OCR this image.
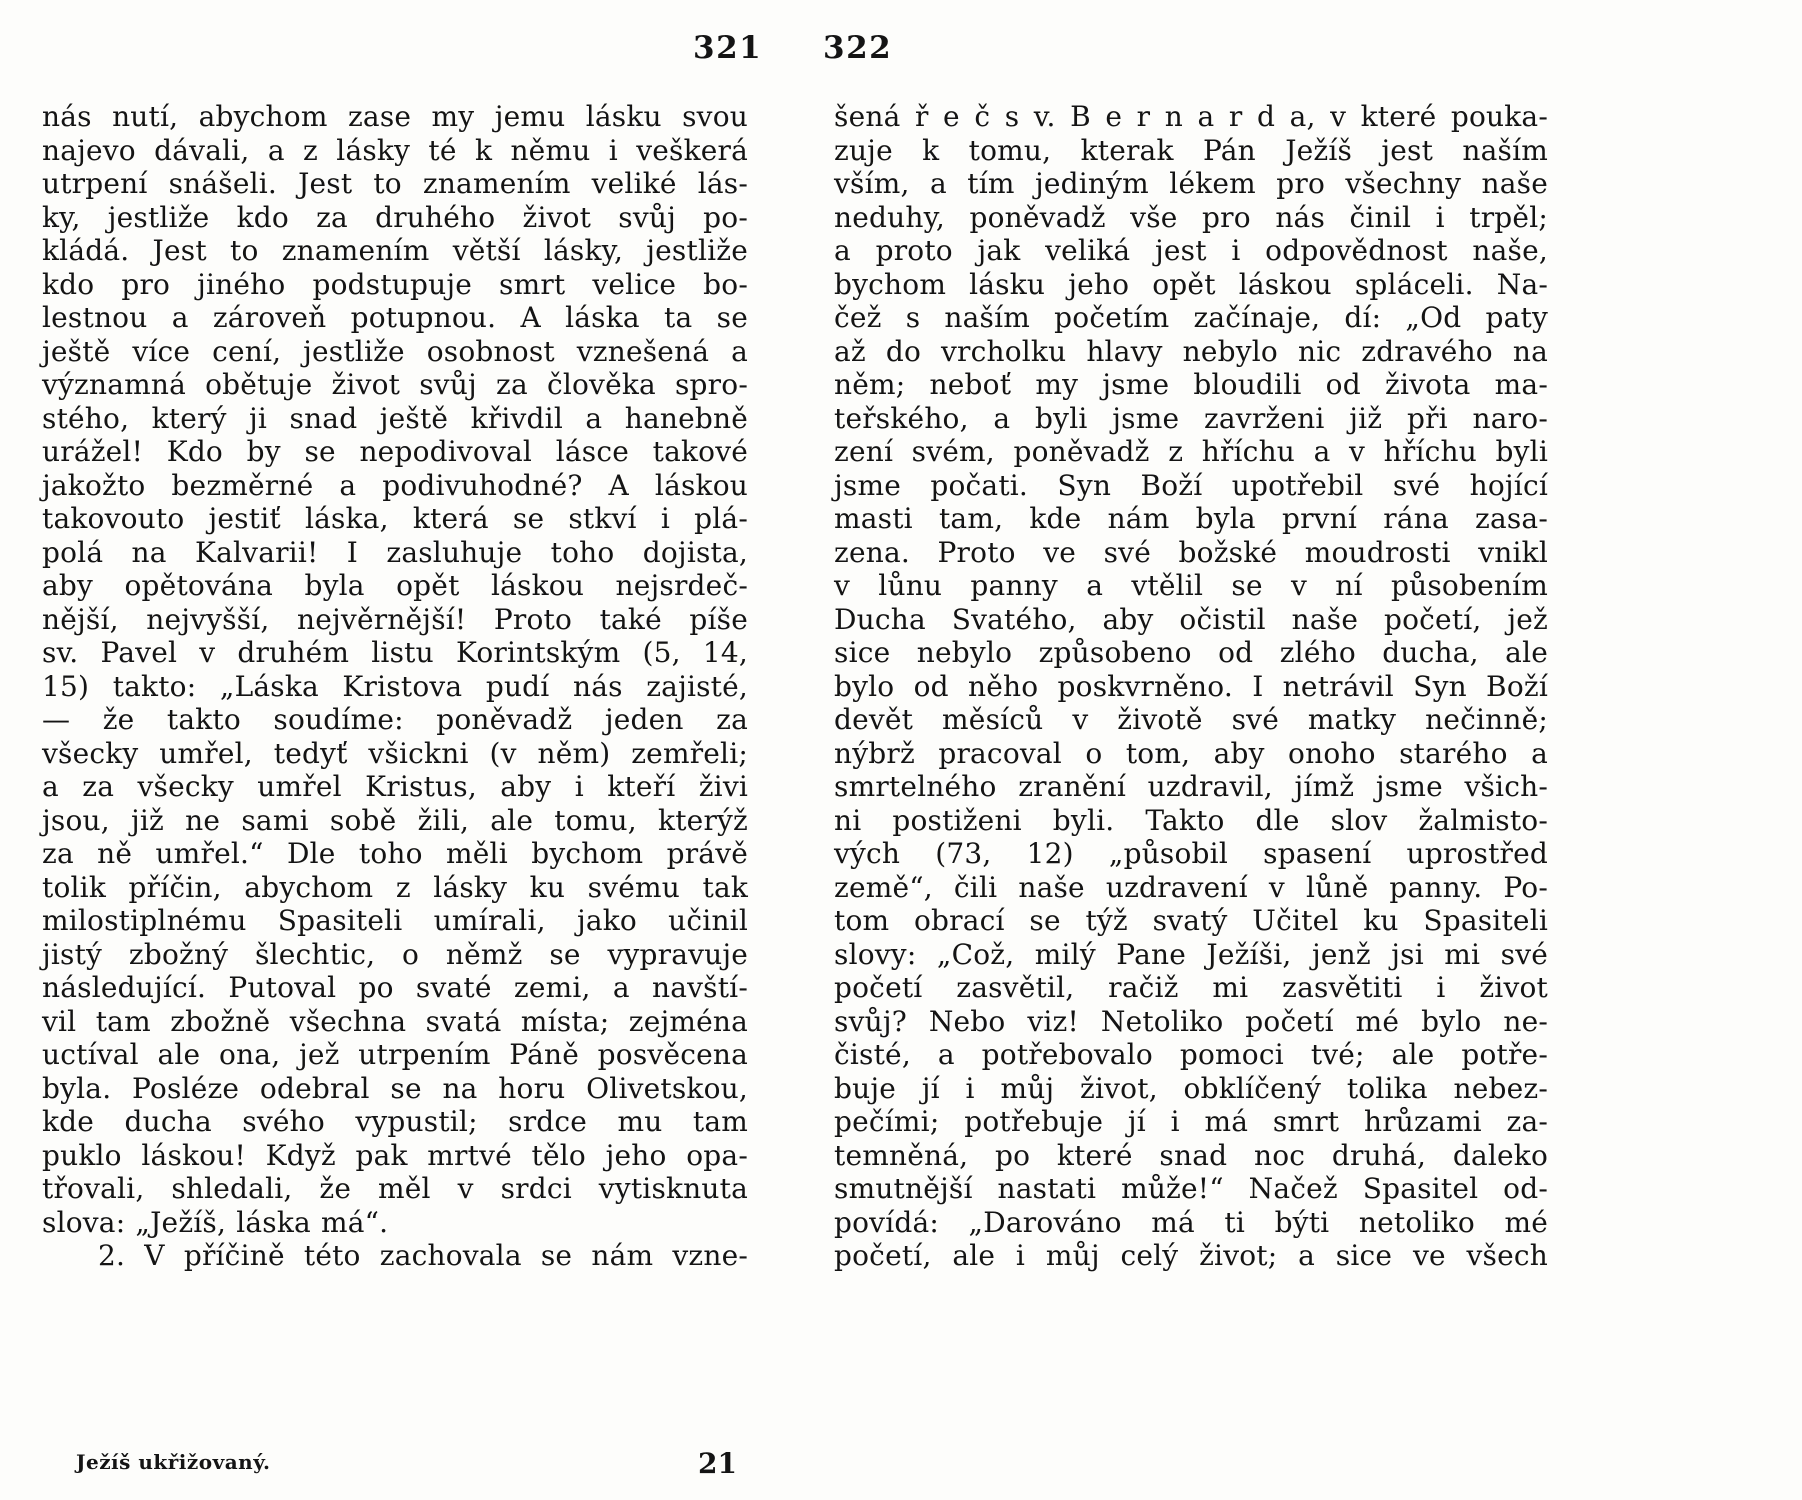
321 322
nás nutí, abychom zase my jemu lásku svou
najevo dávali, a z lásky té k němu i veškerá
utrpení snášeli. Jest to znamením veliké lás-
ky, jestliže kdo za druhého život svůj po-
kládá. Jest to znamením větší lásky, jestliže
kdo pro jiného podstupuje smrt velice bo-
lestnou a zároveň potupnou. A láska ta se
ještě více cení, jestliže osobnost vznešená a
významná obětuje život svůj za člověka spro-
stého, který ji snad ještě křivdil a hanebně
urážel! Kdo by se nepodivoval lásce takové
jakožto bezměrné a podivuhodné? A láskou
takovouto jestiť láska, která se stkví i plá-
polá na Kalvarii! I zasluhuje toho dojista,
aby opětována byla opět láskou nejsrdeč-
nější, nejvyšší, nejvěrnější! Proto také píše
sv. Pavel v druhém listu Korintským (5, 14,
15) takto: „Láska Kristova pudí nás zajisté,
— že takto soudíme: poněvadž jeden za
všecky umřel, tedyť všickni (v něm) zemřeli;
a za všecky umřel Kristus, aby i kteří živi
jsou, již ne sami sobě žili, ale tomu, kterýž
za ně umřel.“ Dle toho měli bychom právě
tolik příčin, abychom z lásky ku svému tak
milostiplnému Spasiteli umírali, jako učinil
jistý zbožný šlechtic, o němž se vypravuje
následující. Putoval po svaté zemi, a navští-
vil tam zbožně všechna svatá místa; zejména
uctíval ale ona, jež utrpením Páně posvěcena
byla. Posléze odebral se na horu Olivetskou,
kde ducha svého vypustil; srdce mu tam
puklo láskou! Když pak mrtvé tělo jeho opa-
třovali, shledali, že měl v srdci vytisknuta
slova: „Ježíš, láska má“.
2. V příčině této zachovala se nám vzne-
šená ř e č s v. B e r n a r d a, v které pouka-
zuje k tomu, kterak Pán Ježíš jest naším
vším, a tím jediným lékem pro všechny naše
neduhy, poněvadž vše pro nás činil i trpěl;
a proto jak veliká jest i odpovědnost naše,
bychom lásku jeho opět láskou spláceli. Na-
čež s naším početím začínaje, dí: „Od paty
až do vrcholku hlavy nebylo nic zdravého na
něm; neboť my jsme bloudili od života ma-
teřského, a byli jsme zavrženi již při naro-
zení svém, poněvadž z hříchu a v hříchu byli
jsme počati. Syn Boží upotřebil své hojící
masti tam, kde nám byla první rána zasa-
zena. Proto ve své božské moudrosti vnikl
v lůnu panny a vtělil se v ní působením
Ducha Svatého, aby očistil naše početí, jež
sice nebylo způsobeno od zlého ducha, ale
bylo od něho poskvrněno. I netrávil Syn Boží
devět měsíců v životě své matky nečinně;
nýbrž pracoval o tom, aby onoho starého a
smrtelného zranění uzdravil, jímž jsme všich-
ni postiženi byli. Takto dle slov žalmisto-
vých (73, 12) „působil spasení uprostřed
země“, čili naše uzdravení v lůně panny. Po-
tom obrací se týž svatý Učitel ku Spasiteli
slovy: „Což, milý Pane Ježíši, jenž jsi mi své
početí zasvětil, račiž mi zasvětiti i život
svůj? Nebo viz! Netoliko početí mé bylo ne-
čisté, a potřebovalo pomoci tvé; ale potře-
buje jí i můj život, obklíčený tolika nebez-
pečími; potřebuje jí i má smrt hrůzami za-
temněná, po které snad noc druhá, daleko
smutnější nastati může!“ Načež Spasitel od-
povídá: „Darováno má ti býti netoliko mé
početí, ale i můj celý život; a sice ve všech
Ježíš ukřižovaný.	21
